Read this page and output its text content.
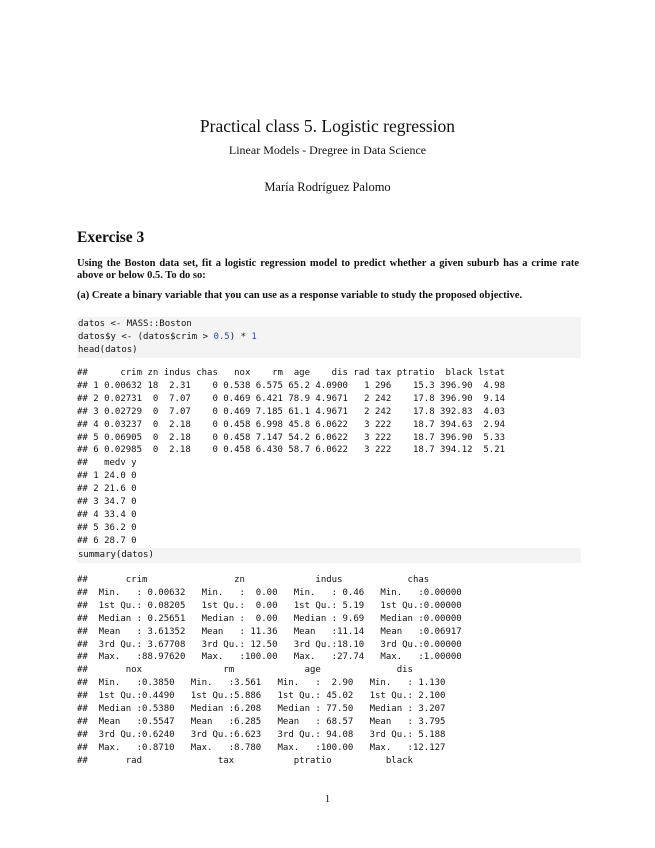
Practical class 5. Logistic regression
Linear Models - Dregree in Data Science
María Rodríguez Palomo
Exercise 3
Using the Boston data set, fit a logistic regression model to predict whether a given suburb has a crime rate above or below 0.5. To do so:
(a) Create a binary variable that you can use as a response variable to study the proposed objective.
datos <- MASS::Boston
datos$y <- (datos$crim > 0.5) * 1
head(datos)
##      crim zn indus chas   nox    rm  age    dis rad tax ptratio  black lstat
## 1 0.00632 18  2.31    0 0.538 6.575 65.2 4.0900   1 296    15.3 396.90  4.98
## 2 0.02731  0  7.07    0 0.469 6.421 78.9 4.9671   2 242    17.8 396.90  9.14
## 3 0.02729  0  7.07    0 0.469 7.185 61.1 4.9671   2 242    17.8 392.83  4.03
## 4 0.03237  0  2.18    0 0.458 6.998 45.8 6.0622   3 222    18.7 394.63  2.94
## 5 0.06905  0  2.18    0 0.458 7.147 54.2 6.0622   3 222    18.7 396.90  5.33
## 6 0.02985  0  2.18    0 0.458 6.430 58.7 6.0622   3 222    18.7 394.12  5.21
##   medv y
## 1 24.0 0
## 2 21.6 0
## 3 34.7 0
## 4 33.4 0
## 5 36.2 0
## 6 28.7 0
summary(datos)
##       crim                zn             indus            chas
##  Min.   : 0.00632   Min.   :  0.00   Min.   : 0.46   Min.   :0.00000
##  1st Qu.: 0.08205   1st Qu.:  0.00   1st Qu.: 5.19   1st Qu.:0.00000
##  Median : 0.25651   Median :  0.00   Median : 9.69   Median :0.00000
##  Mean   : 3.61352   Mean   : 11.36   Mean   :11.14   Mean   :0.06917
##  3rd Qu.: 3.67708   3rd Qu.: 12.50   3rd Qu.:18.10   3rd Qu.:0.00000
##  Max.   :88.97620   Max.   :100.00   Max.   :27.74   Max.   :1.00000
##       nox               rm             age              dis
##  Min.   :0.3850   Min.   :3.561   Min.   :  2.90   Min.   : 1.130
##  1st Qu.:0.4490   1st Qu.:5.886   1st Qu.: 45.02   1st Qu.: 2.100
##  Median :0.5380   Median :6.208   Median : 77.50   Median : 3.207
##  Mean   :0.5547   Mean   :6.285   Mean   : 68.57   Mean   : 3.795
##  3rd Qu.:0.6240   3rd Qu.:6.623   3rd Qu.: 94.08   3rd Qu.: 5.188
##  Max.   :0.8710   Max.   :8.780   Max.   :100.00   Max.   :12.127
##       rad              tax           ptratio          black
1
